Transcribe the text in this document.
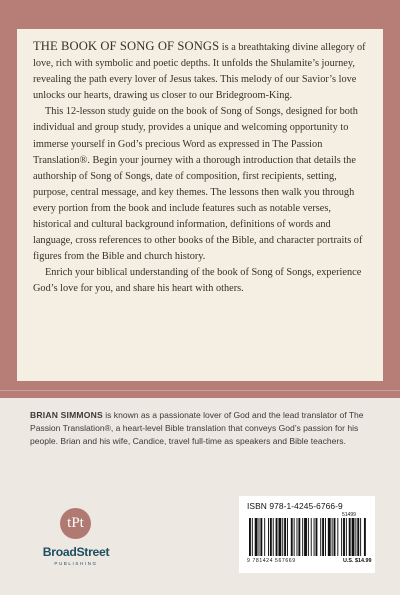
THE BOOK OF SONG OF SONGS is a breathtaking divine allegory of love, rich with symbolic and poetic depths. It unfolds the Shulamite’s journey, revealing the path every lover of Jesus takes. This melody of our Savior’s love unlocks our hearts, drawing us closer to our Bridegroom-King.

This 12-lesson study guide on the book of Song of Songs, designed for both individual and group study, provides a unique and welcoming opportunity to immerse yourself in God’s precious Word as expressed in The Passion Translation®. Begin your journey with a thorough introduction that details the authorship of Song of Songs, date of composition, first recipients, setting, purpose, central message, and key themes. The lessons then walk you through every portion from the book and include features such as notable verses, historical and cultural background information, definitions of words and language, cross references to other books of the Bible, and character portraits of figures from the Bible and church history.

Enrich your biblical understanding of the book of Song of Songs, experience God’s love for you, and share his heart with others.

BRIAN SIMMONS is known as a passionate lover of God and the lead translator of The Passion Translation®, a heart-level Bible translation that conveys God’s passion for his people. Brian and his wife, Candice, travel full-time as speakers and Bible teachers.
tPt
BroadStreet
PUBLISHING
ISBN 978-1-4245-6766-9
51499
9 781424 567669	U.S. $14.99
